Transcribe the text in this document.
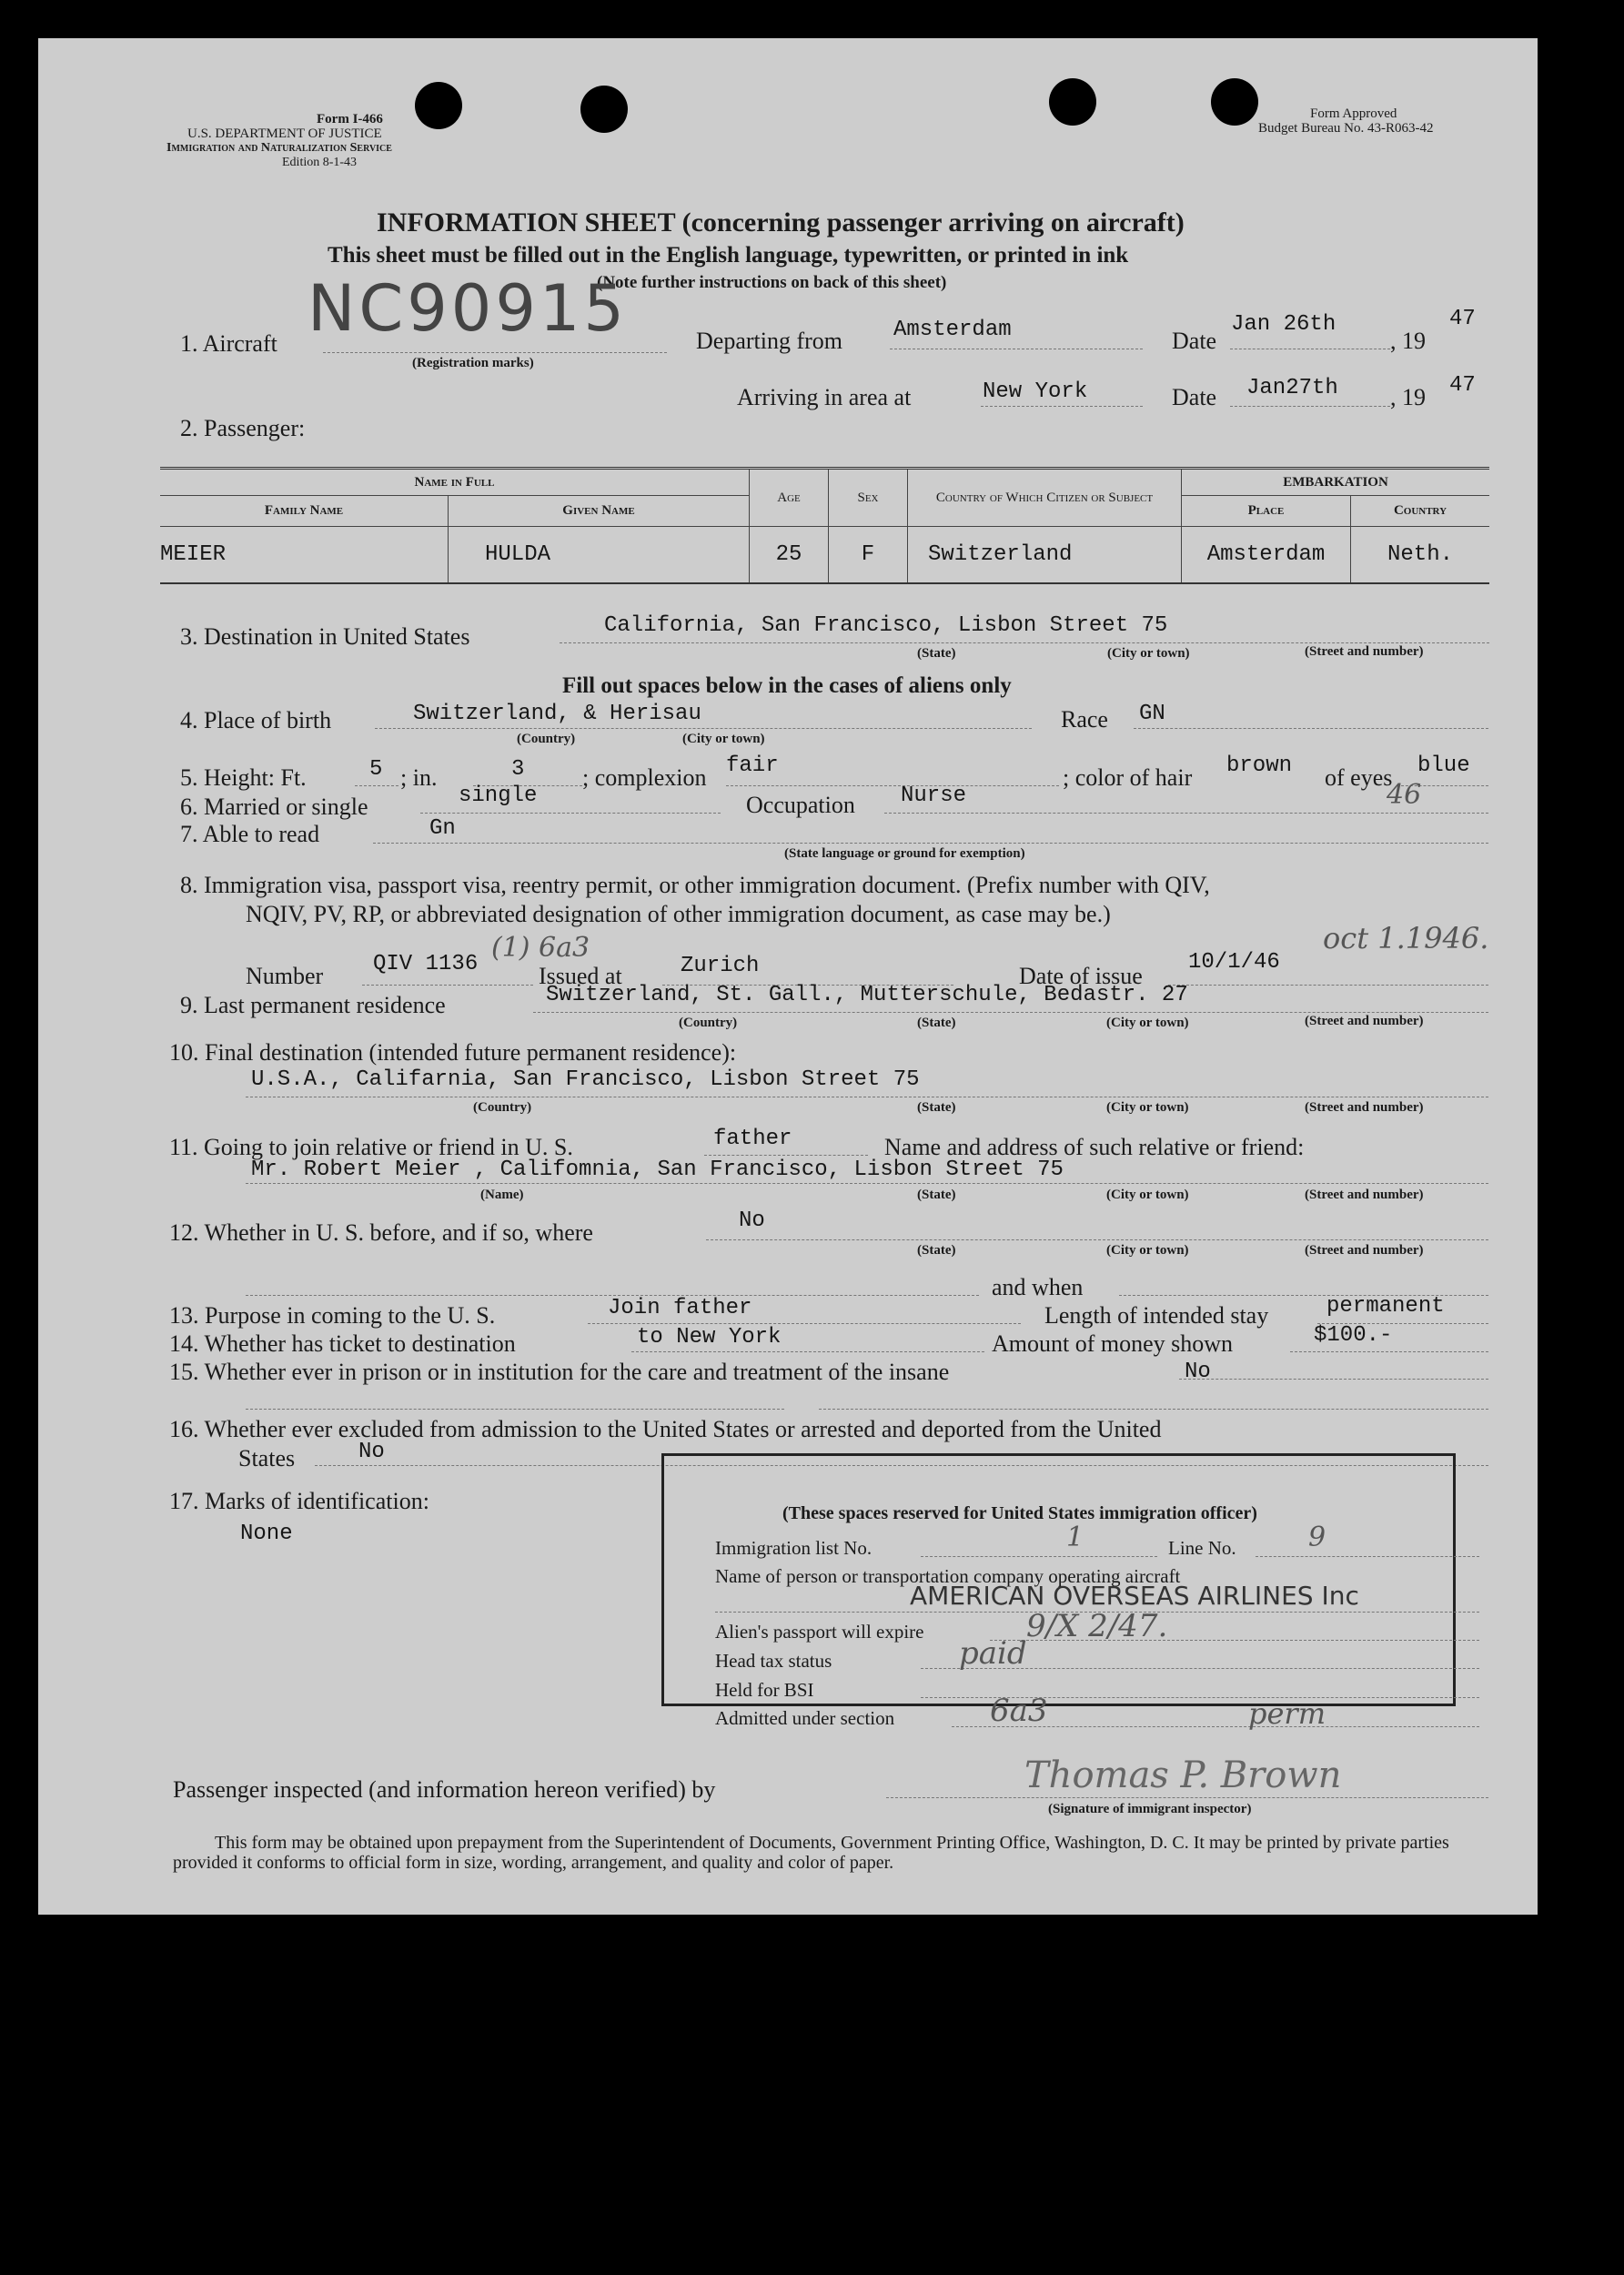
Form I-466
U.S. DEPARTMENT OF JUSTICE
Immigration and Naturalization Service
Edition 8-1-43
Form Approved
Budget Bureau No. 43-R063-42
INFORMATION SHEET (concerning passenger arriving on aircraft)
This sheet must be filled out in the English language, typewritten, or printed in ink
(Note further instructions on back of this sheet)
NC90915
1. Aircraft
(Registration marks)
Departing from Amsterdam	Date
Jan 26th
, 19
47
Arriving in area at	New York	Date Jan27th , 19 47
2. Passenger:
Name in Full		Age	Sex	Country of Which Citizen or Subject	EMBARKATION	
Family Name	Given Name				Place	Country
MEIER	HULDA	25	F	Switzerland	Amsterdam	Neth.
3. Destination in United States	California, San Francisco, Lisbon Street 75
(State)	(City or town)	(Street and number)
Fill out spaces below in the cases of aliens only
4. Place of birth	Switzerland, & Herisau
(Country)	(City or town)
Race GN
5. Height: Ft.	5 ; in.	3 ; complexion fair	; color of hair brown of eyes blue
46
6. Married or single	single	Occupation Nurse
7. Able to read	Gn
(State language or ground for exemption)
8. Immigration visa, passport visa, reentry permit, or other immigration document. (Prefix number with QIV,
NQIV, PV, RP, or abbreviated designation of other immigration document, as case may be.)
Number QIV 1136
(1) 6a3
Issued at	Zurich	Date of issue
10/1/46
oct 1.1946.
9. Last permanent residence	Switzerland, St. Gall., Mutterschule, Bedastr. 27
(Country)	(State)	(City or town)	(Street and number)
10. Final destination (intended future permanent residence):
U.S.A., Califarnia, San Francisco, Lisbon Street 75
(Country)	(State)	(City or town)	(Street and number)
11. Going to join relative or friend in U. S.	father	Name and address of such relative or friend:
Mr. Robert Meier , Califomnia, San Francisco, Lisbon Street 75
(Name)	(State)	(City or town)	(Street and number)
12. Whether in U. S. before, and if so, where	No
(State)	(City or town)	(Street and number)
and when
13. Purpose in coming to the U. S.	Join father	Length of intended stay	permanent
14. Whether has ticket to destination	to New York	Amount of money shown	$100.-
15. Whether ever in prison or in institution for the care and treatment of the insane	No
16. Whether ever excluded from admission to the United States or arrested and deported from the United
States	No
17. Marks of identification:
None
(These spaces reserved for United States immigration officer)
Immigration list No.	1	Line No.	9
Name of person or transportation company operating aircraft
AMERICAN OVERSEAS AIRLINES Inc
Alien's passport will expire	9/X 2/47.
Head tax status	paid
Held for BSI
Admitted under section	6a3	perm
Passenger inspected (and information hereon verified) by	Thomas P. Brown
(Signature of immigrant inspector)
This form may be obtained upon prepayment from the Superintendent of Documents, Government Printing Office, Washington, D. C. It may be printed by private parties provided it conforms to official form in size, wording, arrangement, and quality and color of paper.
